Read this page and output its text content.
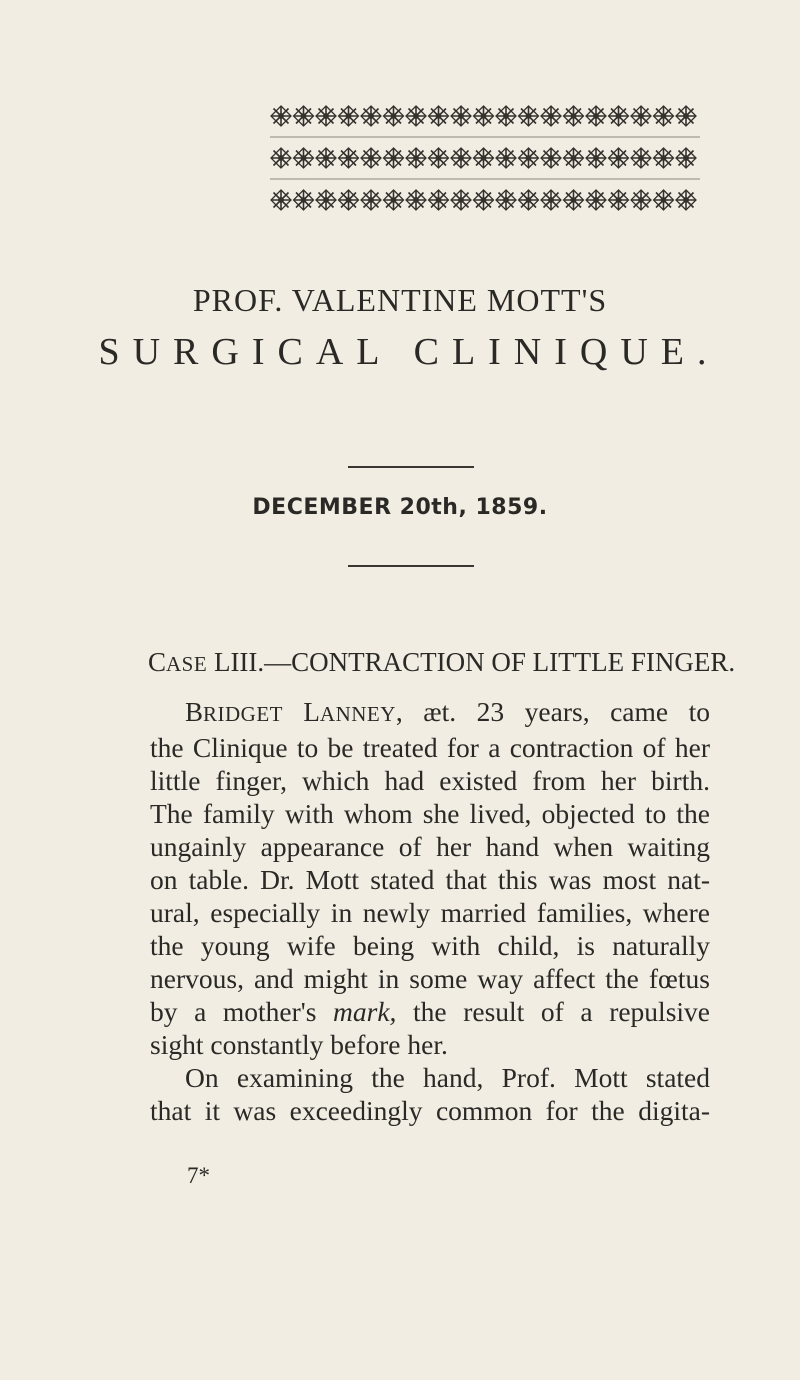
PROF. VALENTINE MOTT'S
SURGICAL CLINIQUE.
DECEMBER 20th, 1859.
CASE LIII.—CONTRACTION OF LITTLE FINGER.
BRIDGET LANNEY, æt. 23 years, came to
the Clinique to be treated for a contraction of her
little finger, which had existed from her birth.
The family with whom she lived, objected to the
ungainly appearance of her hand when waiting
on table. Dr. Mott stated that this was most nat-
ural, especially in newly married families, where
the young wife being with child, is naturally
nervous, and might in some way affect the fœtus
by a mother's mark, the result of a repulsive
sight constantly before her.
On examining the hand, Prof. Mott stated
that it was exceedingly common for the digita-
7*
